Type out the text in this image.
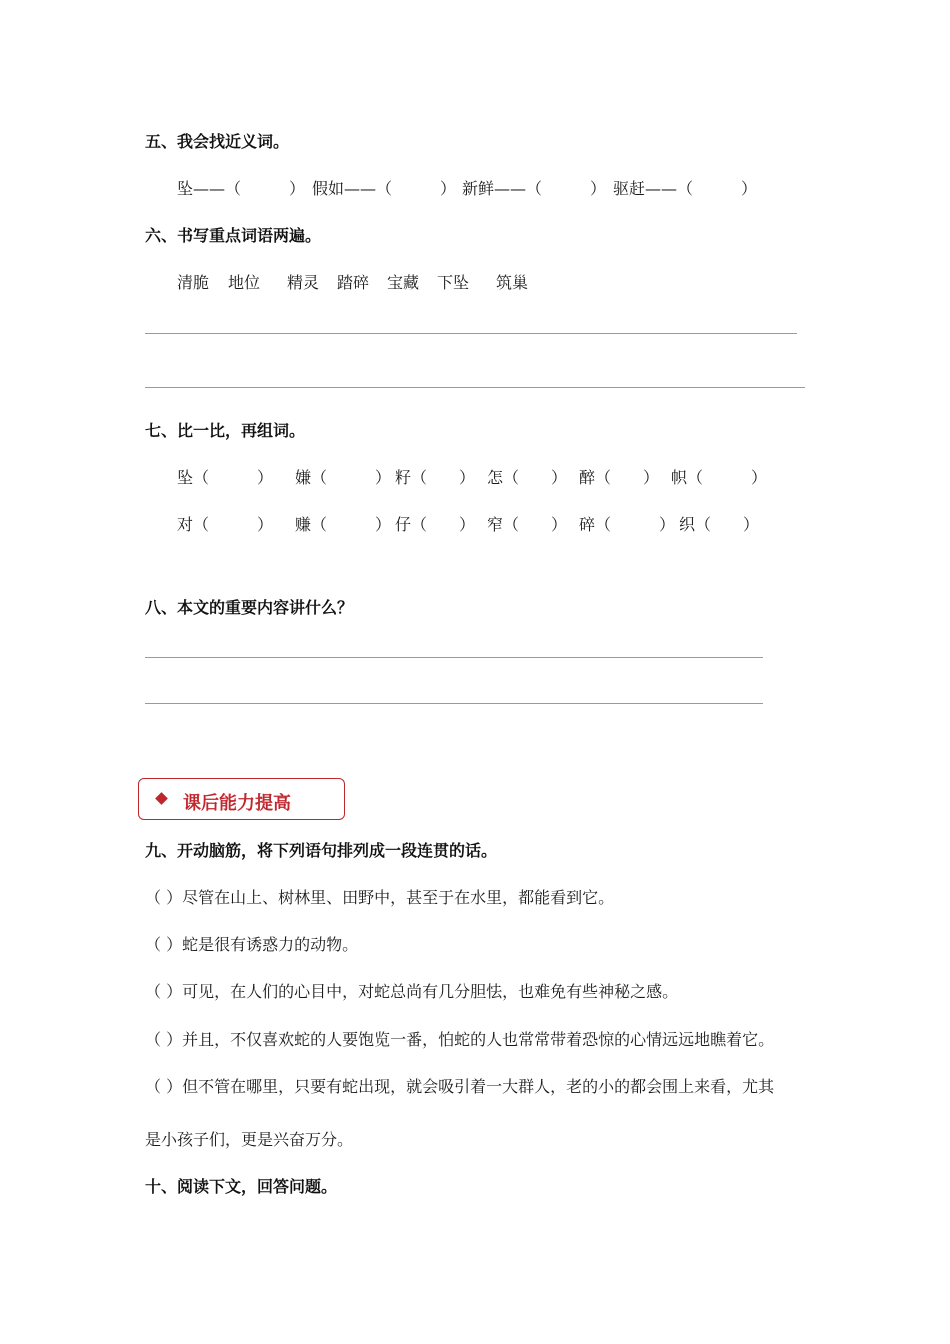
五、我会找近义词。
坠——（　　　） 假如——（　　　） 新鲜——（　　　） 驱赶——（　　　）
六、书写重点词语两遍。
清脆 地位 精灵 踏碎 宝藏 下坠 筑巢
七、比一比，再组词。
坠（　　　） 嫌（　　　） 籽（　　） 怎（　　） 醉（　　） 帜（　　　）
对（　　　） 赚（　　　） 仔（　　） 窄（　　） 碎（　　　） 织（　　）
八、本文的重要内容讲什么？
课后能力提高
九、开动脑筋，将下列语句排列成一段连贯的话。
（ ）尽管在山上、树林里、田野中，甚至于在水里，都能看到它。
（ ）蛇是很有诱惑力的动物。
（ ）可见，在人们的心目中，对蛇总尚有几分胆怯，也难免有些神秘之感。
（ ）并且，不仅喜欢蛇的人要饱览一番，怕蛇的人也常常带着恐惊的心情远远地瞧着它。
（ ）但不管在哪里，只要有蛇出现，就会吸引着一大群人，老的小的都会围上来看，尤其
是小孩子们，更是兴奋万分。
十、阅读下文，回答问题。
